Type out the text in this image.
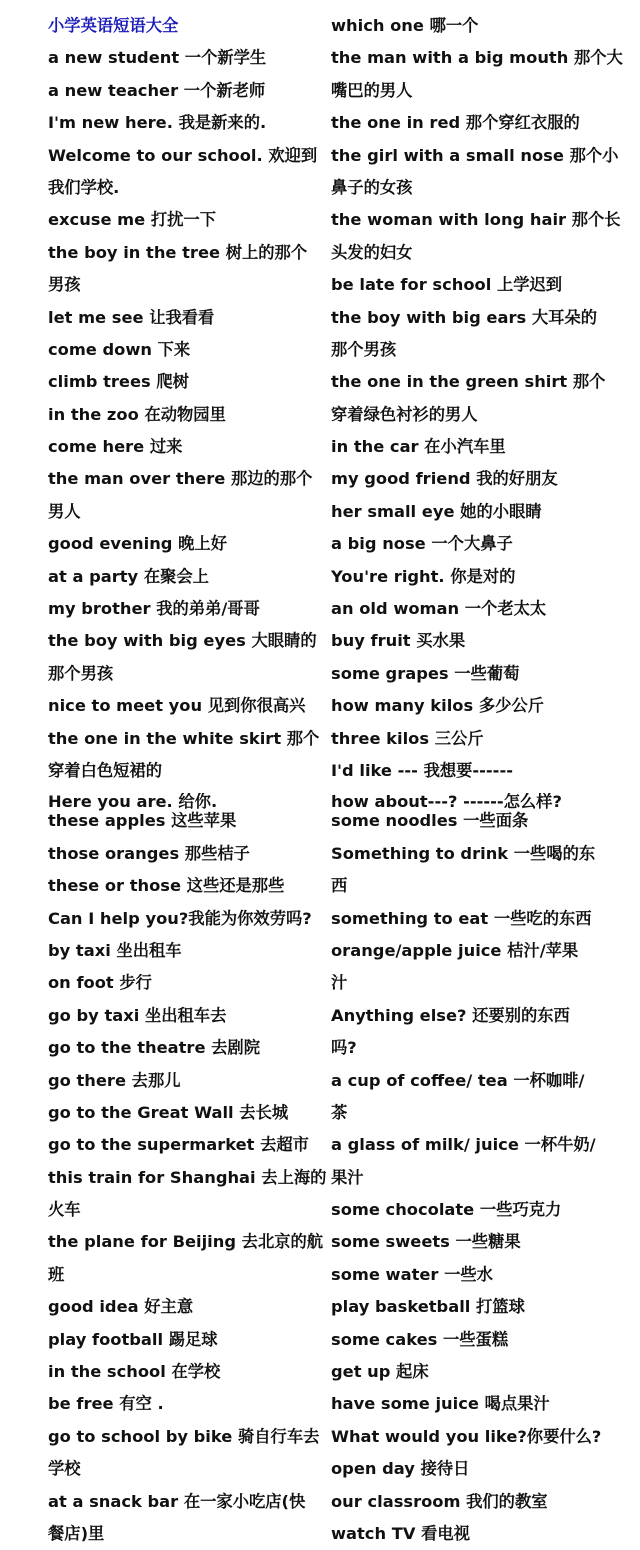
小学英语短语大全
a new student 一个新学生
a new teacher 一个新老师
I'm new here. 我是新来的.
Welcome to our school. 欢迎到
我们学校.
excuse me 打扰一下
the boy in the tree 树上的那个
男孩
let me see 让我看看
come down 下来
climb trees 爬树
in the zoo 在动物园里
come here 过来
the man over there 那边的那个
男人
good evening 晚上好
at a party 在聚会上
my brother 我的弟弟/哥哥
the boy with big eyes 大眼睛的
那个男孩
nice to meet you 见到你很高兴
the one in the white skirt 那个
穿着白色短裙的
Here you are. 给你.
these apples 这些苹果
those oranges 那些桔子
these or those 这些还是那些
Can I help you?我能为你效劳吗?
by taxi 坐出租车
on foot 步行
go by taxi 坐出租车去
go to the theatre 去剧院
go there 去那儿
go to the Great Wall 去长城
go to the supermarket 去超市
this train for Shanghai 去上海的
火车
the plane for Beijing 去北京的航
班
good idea 好主意
play football 踢足球
in the school 在学校
be free 有空 .
go to school by bike 骑自行车去
学校
at a snack bar 在一家小吃店(快
餐店)里
which one 哪一个
the man with a big mouth 那个大
嘴巴的男人
the one in red 那个穿红衣服的
the girl with a small nose 那个小
鼻子的女孩
the woman with long hair 那个长
头发的妇女
be late for school 上学迟到
the boy with big ears 大耳朵的
那个男孩
the one in the green shirt 那个
穿着绿色衬衫的男人
in the car 在小汽车里
my good friend 我的好朋友
her small eye 她的小眼睛
a big nose 一个大鼻子
You're right. 你是对的
an old woman 一个老太太
buy fruit 买水果
some grapes 一些葡萄
how many kilos 多少公斤
three kilos 三公斤
I'd like --- 我想要------
how about---? ------怎么样?
some noodles 一些面条
Something to drink 一些喝的东
西
something to eat 一些吃的东西
orange/apple juice 桔汁/苹果
汁
Anything else? 还要别的东西
吗?
a cup of coffee/ tea 一杯咖啡/
茶
a glass of milk/ juice 一杯牛奶/
果汁
some chocolate 一些巧克力
some sweets 一些糖果
some water 一些水
play basketball 打篮球
some cakes 一些蛋糕
get up 起床
have some juice 喝点果汁
What would you like?你要什么?
open day 接待日
our classroom 我们的教室
watch TV 看电视
